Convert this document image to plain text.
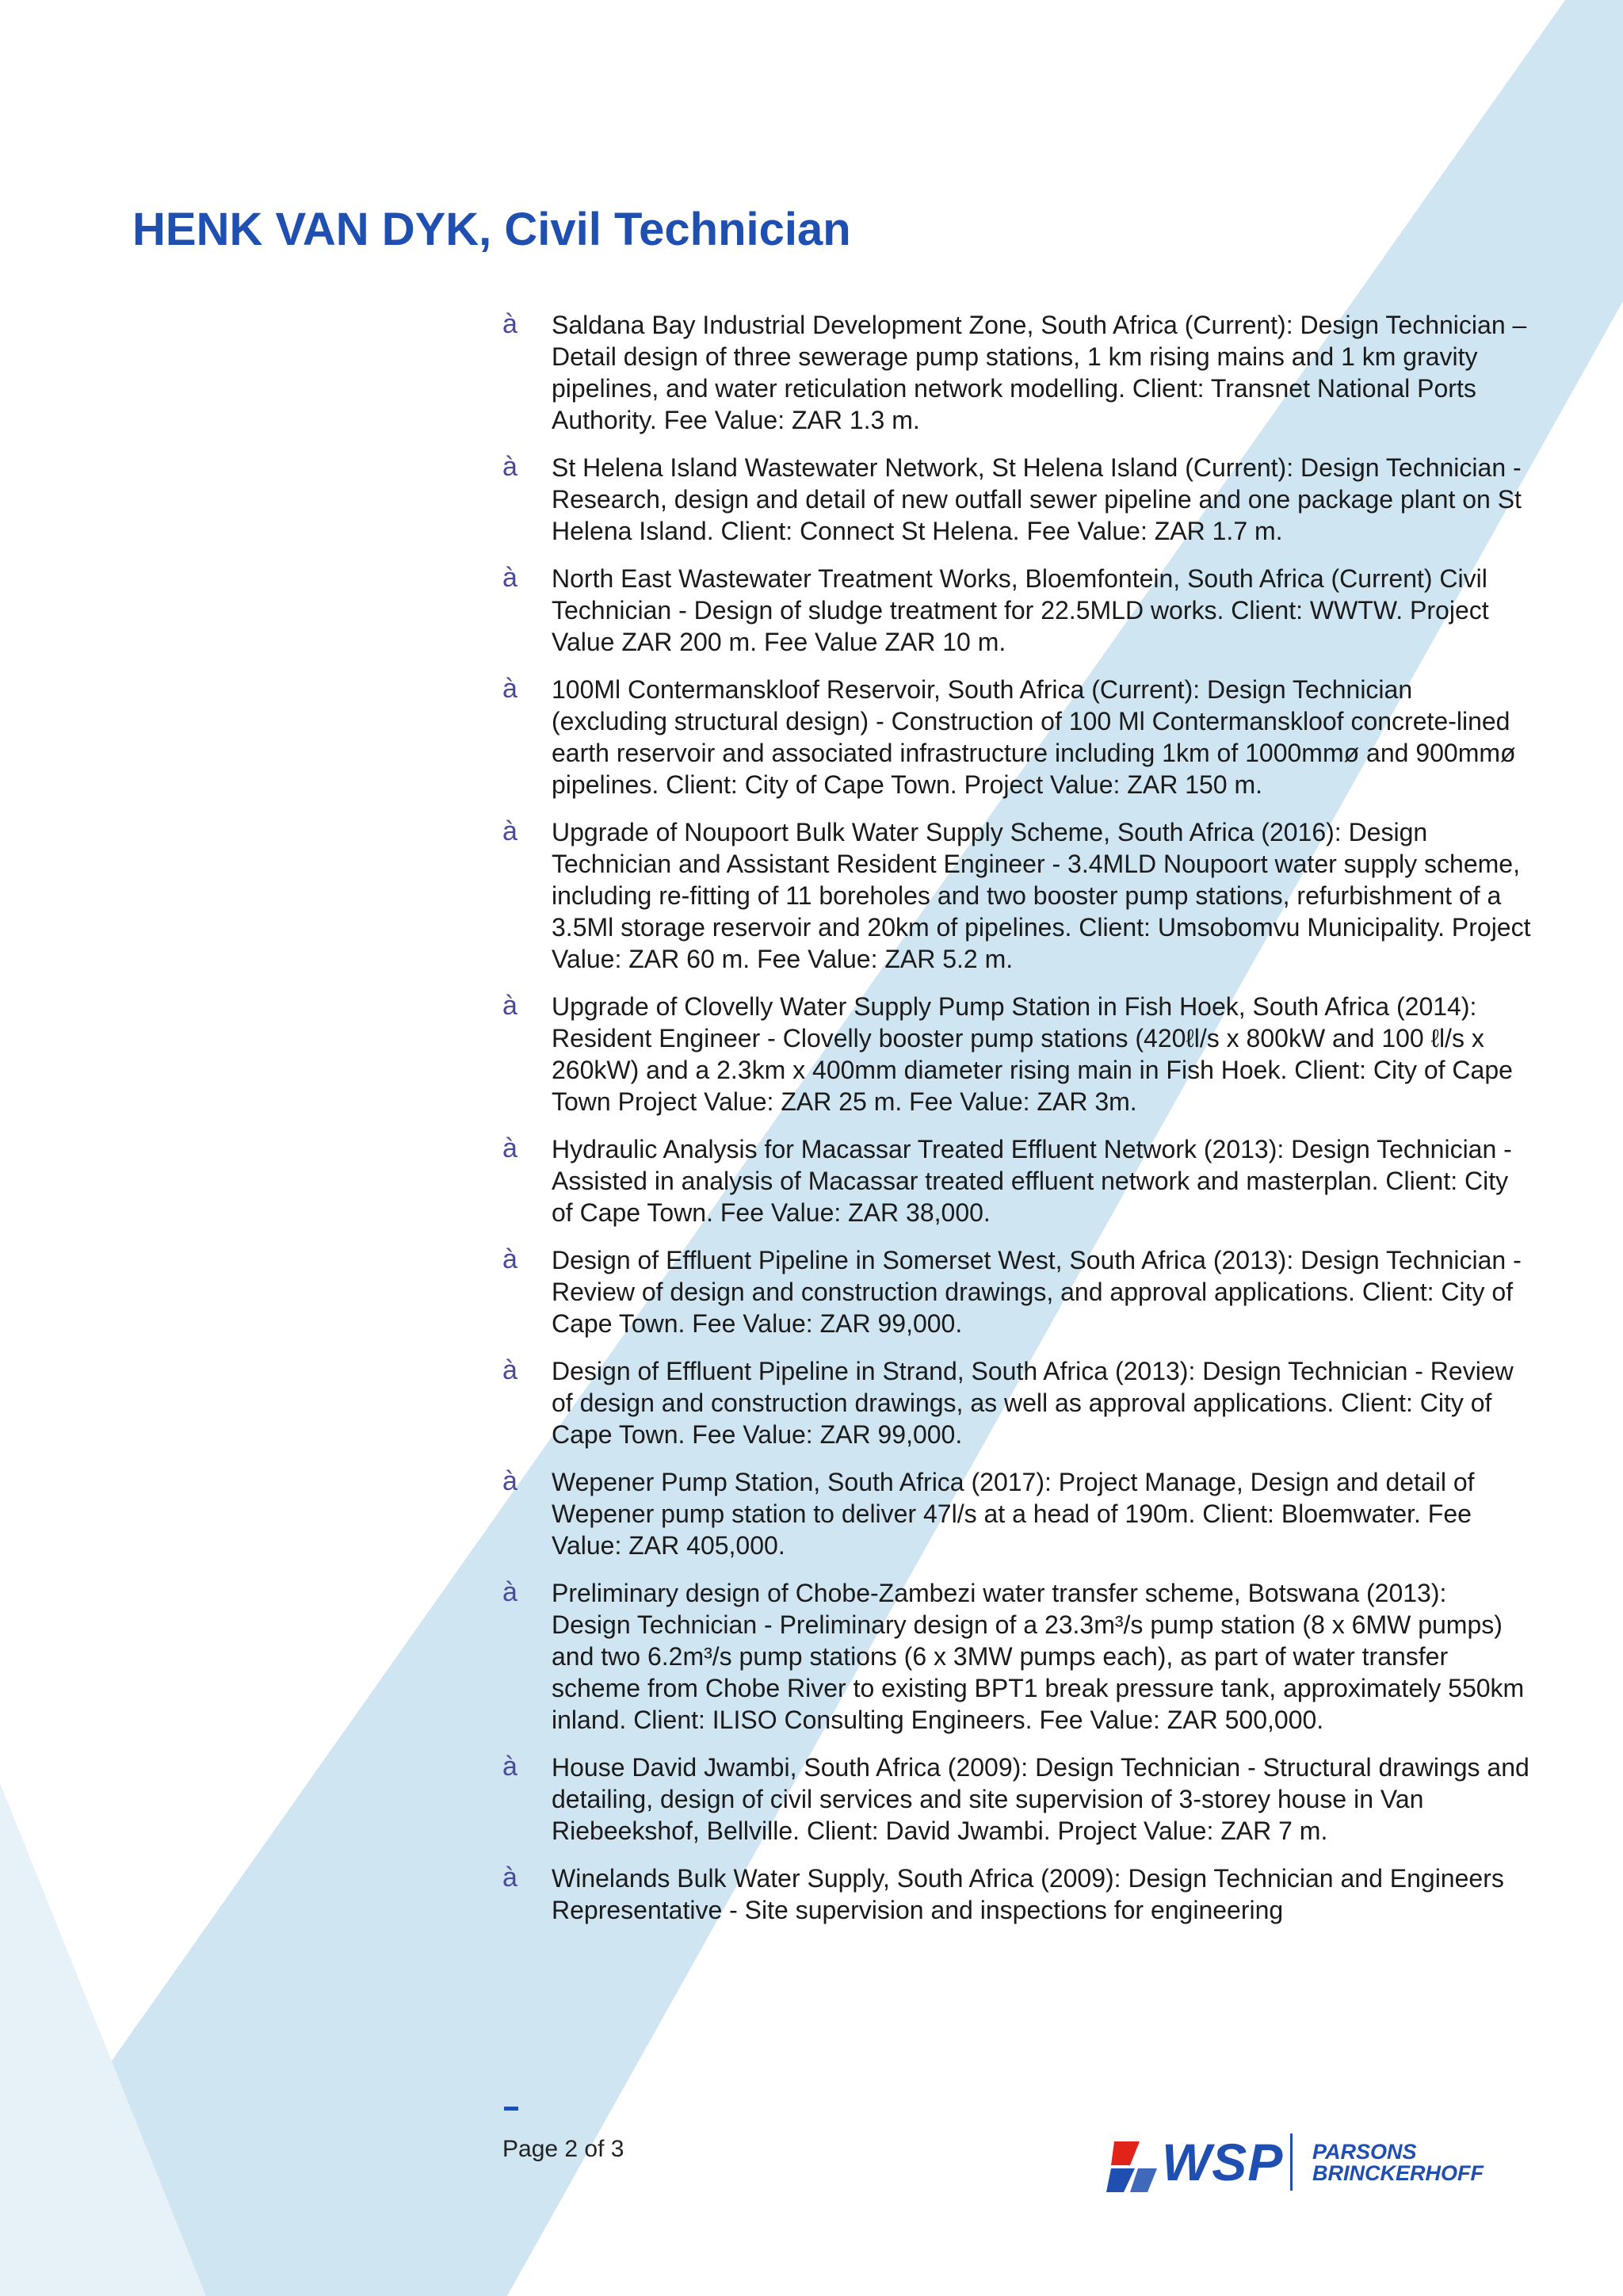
HENK VAN DYK, Civil Technician
à Saldana Bay Industrial Development Zone, South Africa (Current): Design Technician – Detail design of three sewerage pump stations, 1 km rising mains and 1 km gravity pipelines, and water reticulation network modelling. Client: Transnet National Ports Authority. Fee Value: ZAR 1.3 m.
à St Helena Island Wastewater Network, St Helena Island (Current): Design Technician - Research, design and detail of new outfall sewer pipeline and one package plant on St Helena Island. Client: Connect St Helena. Fee Value: ZAR 1.7 m.
à North East Wastewater Treatment Works, Bloemfontein, South Africa (Current) Civil Technician - Design of sludge treatment for 22.5MLD works. Client: WWTW. Project Value ZAR 200 m. Fee Value ZAR 10 m.
à 100Ml Contermanskloof Reservoir, South Africa (Current): Design Technician (excluding structural design) - Construction of 100 Ml Contermanskloof concrete-lined earth reservoir and associated infrastructure including 1km of 1000mmø and 900mmø pipelines. Client: City of Cape Town. Project Value: ZAR 150 m.
à Upgrade of Noupoort Bulk Water Supply Scheme, South Africa (2016): Design Technician and Assistant Resident Engineer - 3.4MLD Noupoort water supply scheme, including re-fitting of 11 boreholes and two booster pump stations, refurbishment of a 3.5Ml storage reservoir and 20km of pipelines. Client: Umsobomvu Municipality. Project Value: ZAR 60 m. Fee Value: ZAR 5.2 m.
à Upgrade of Clovelly Water Supply Pump Station in Fish Hoek, South Africa (2014): Resident Engineer - Clovelly booster pump stations (420ℓl/s x 800kW and 100 ℓl/s x 260kW) and a 2.3km x 400mm diameter rising main in Fish Hoek. Client: City of Cape Town Project Value: ZAR 25 m. Fee Value: ZAR 3m.
à Hydraulic Analysis for Macassar Treated Effluent Network (2013): Design Technician - Assisted in analysis of Macassar treated effluent network and masterplan. Client: City of Cape Town. Fee Value: ZAR 38,000.
à Design of Effluent Pipeline in Somerset West, South Africa (2013): Design Technician - Review of design and construction drawings, and approval applications. Client: City of Cape Town. Fee Value: ZAR 99,000.
à Design of Effluent Pipeline in Strand, South Africa (2013): Design Technician - Review of design and construction drawings, as well as approval applications. Client: City of Cape Town. Fee Value: ZAR 99,000.
à Wepener Pump Station, South Africa (2017): Project Manage, Design and detail of Wepener pump station to deliver 47l/s at a head of 190m. Client: Bloemwater. Fee Value: ZAR 405,000.
à Preliminary design of Chobe-Zambezi water transfer scheme, Botswana (2013): Design Technician - Preliminary design of a 23.3m³/s pump station (8 x 6MW pumps) and two 6.2m³/s pump stations (6 x 3MW pumps each), as part of water transfer scheme from Chobe River to existing BPT1 break pressure tank, approximately 550km inland. Client: ILISO Consulting Engineers. Fee Value: ZAR 500,000.
à House David Jwambi, South Africa (2009): Design Technician - Structural drawings and detailing, design of civil services and site supervision of 3-storey house in Van Riebeekshof, Bellville. Client: David Jwambi. Project Value: ZAR 7 m.
à Winelands Bulk Water Supply, South Africa (2009): Design Technician and Engineers Representative - Site supervision and inspections for engineering
Page 2 of 3	WSP PARSONS
BRINCKERHOFF
